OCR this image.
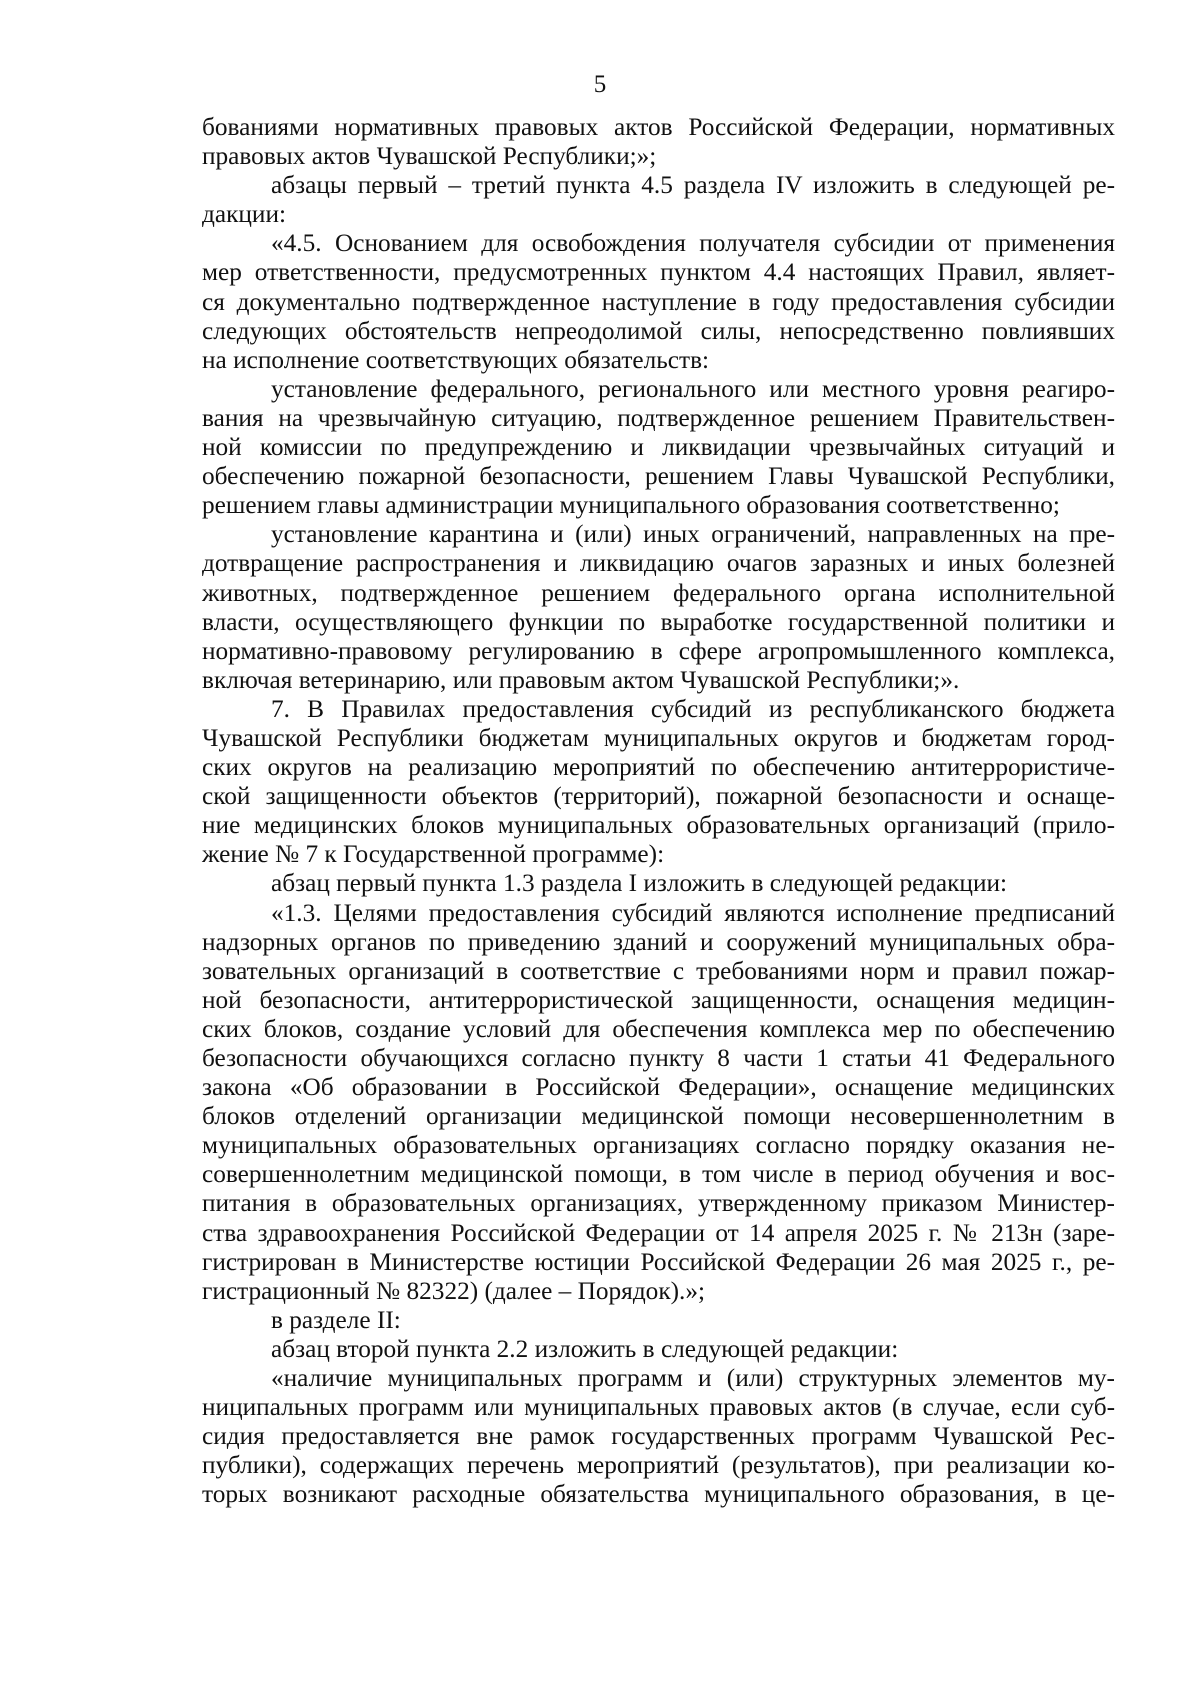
5
бованиями нормативных правовых актов Российской Федерации, нормативных
правовых актов Чувашской Республики;»;
абзацы первый – третий пункта 4.5 раздела IV изложить в следующей ре-
дакции:
«4.5. Основанием для освобождения получателя субсидии от применения
мер ответственности, предусмотренных пунктом 4.4 настоящих Правил, являет-
ся документально подтвержденное наступление в году предоставления субсидии
следующих обстоятельств непреодолимой силы, непосредственно повлиявших
на исполнение соответствующих обязательств:
установление федерального, регионального или местного уровня реагиро-
вания на чрезвычайную ситуацию, подтвержденное решением Правительствен-
ной комиссии по предупреждению и ликвидации чрезвычайных ситуаций и
обеспечению пожарной безопасности, решением Главы Чувашской Республики,
решением главы администрации муниципального образования соответственно;
установление карантина и (или) иных ограничений, направленных на пре-
дотвращение распространения и ликвидацию очагов заразных и иных болезней
животных, подтвержденное решением федерального органа исполнительной
власти, осуществляющего функции по выработке государственной политики и
нормативно-правовому регулированию в сфере агропромышленного комплекса,
включая ветеринарию, или правовым актом Чувашской Республики;».
7. В Правилах предоставления субсидий из республиканского бюджета
Чувашской Республики бюджетам муниципальных округов и бюджетам город-
ских округов на реализацию мероприятий по обеспечению антитеррористиче-
ской защищенности объектов (территорий), пожарной безопасности и оснаще-
ние медицинских блоков муниципальных образовательных организаций (прило-
жение № 7 к Государственной программе):
абзац первый пункта 1.3 раздела I изложить в следующей редакции:
«1.3. Целями предоставления субсидий являются исполнение предписаний
надзорных органов по приведению зданий и сооружений муниципальных обра-
зовательных организаций в соответствие с требованиями норм и правил пожар-
ной безопасности, антитеррористической защищенности, оснащения медицин-
ских блоков, создание условий для обеспечения комплекса мер по обеспечению
безопасности обучающихся согласно пункту 8 части 1 статьи 41 Федерального
закона «Об образовании в Российской Федерации», оснащение медицинских
блоков отделений организации медицинской помощи несовершеннолетним в
муниципальных образовательных организациях согласно порядку оказания не-
совершеннолетним медицинской помощи, в том числе в период обучения и вос-
питания в образовательных организациях, утвержденному приказом Министер-
ства здравоохранения Российской Федерации от 14 апреля 2025 г. № 213н (заре-
гистрирован в Министерстве юстиции Российской Федерации 26 мая 2025 г., ре-
гистрационный № 82322) (далее – Порядок).»;
в разделе II:
абзац второй пункта 2.2 изложить в следующей редакции:
«наличие муниципальных программ и (или) структурных элементов му-
ниципальных программ или муниципальных правовых актов (в случае, если суб-
сидия предоставляется вне рамок государственных программ Чувашской Рес-
публики), содержащих перечень мероприятий (результатов), при реализации ко-
торых возникают расходные обязательства муниципального образования, в це-
